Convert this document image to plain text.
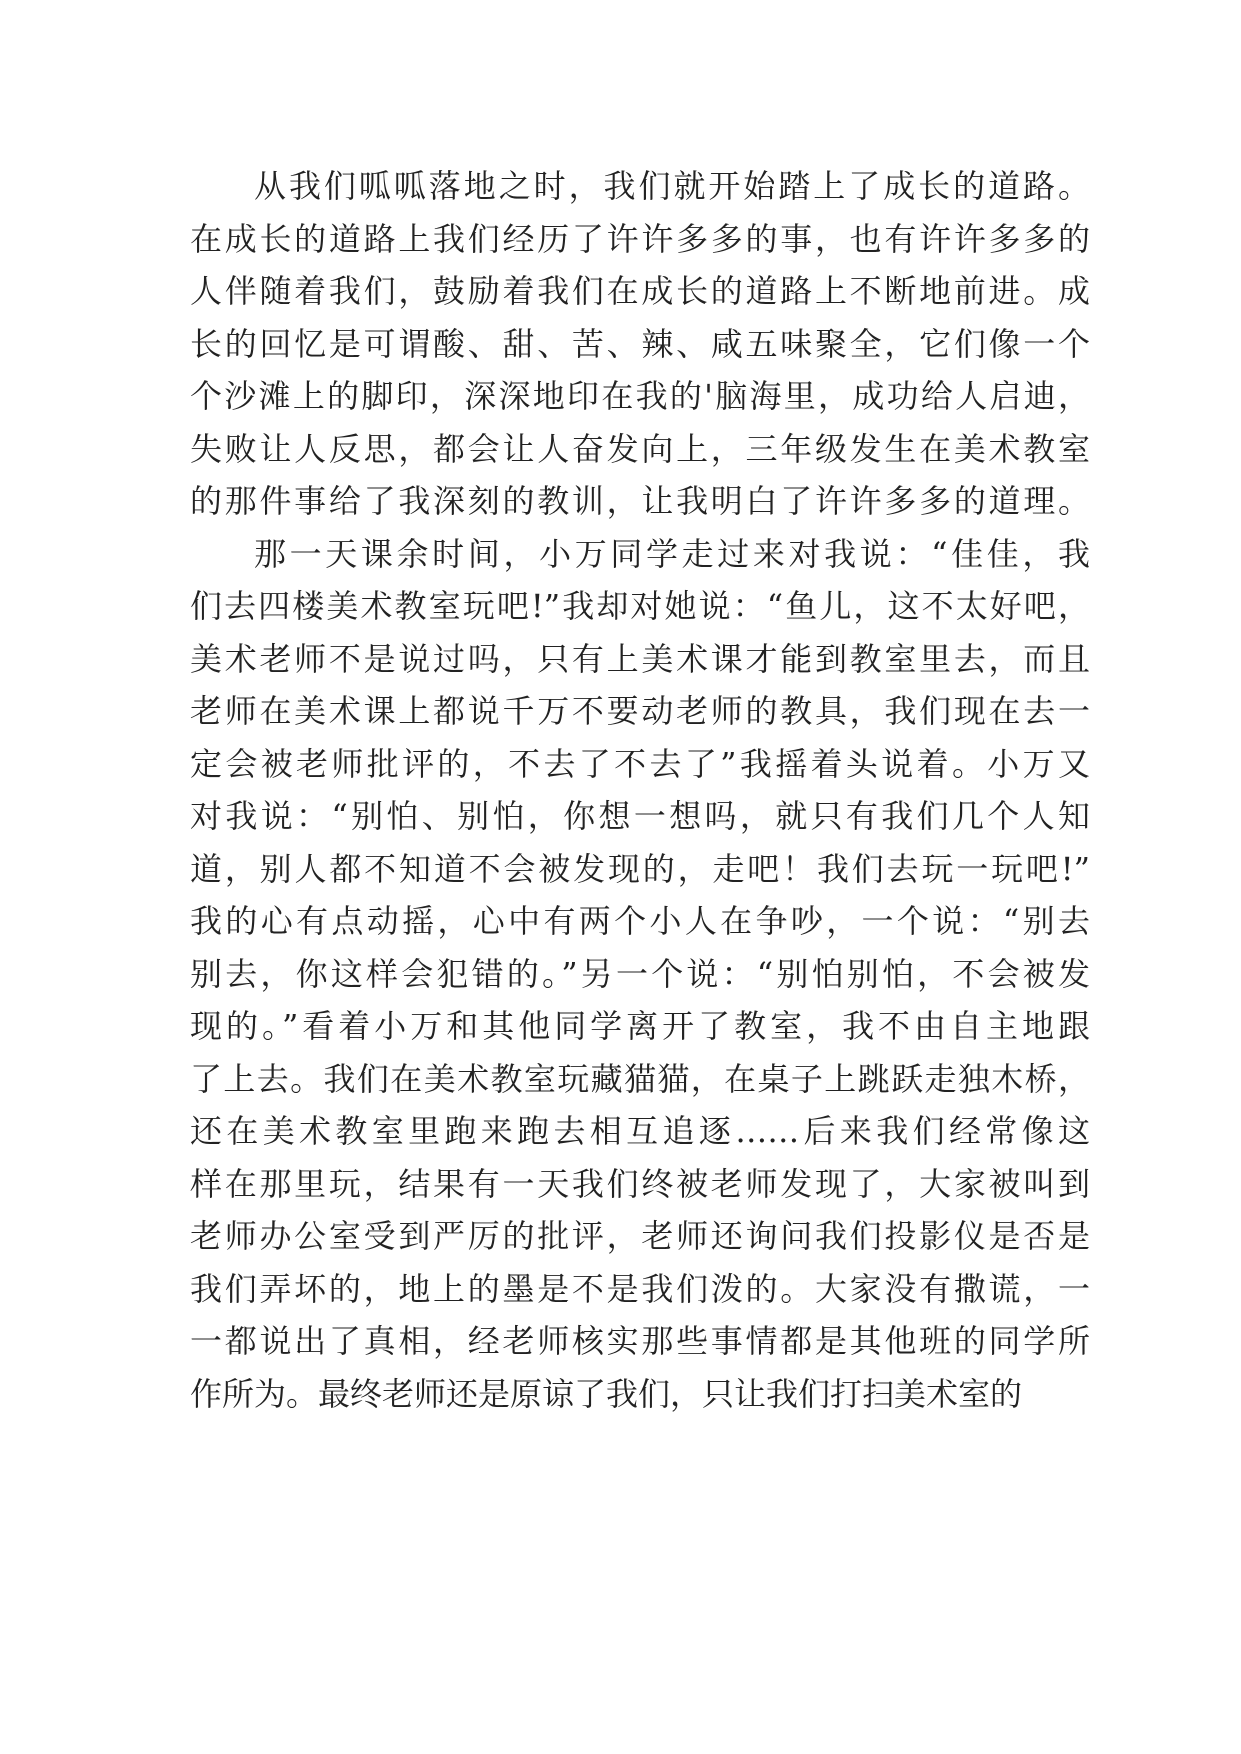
从我们呱呱落地之时，我们就开始踏上了成长的道路。
在成长的道路上我们经历了许许多多的事，也有许许多多的
人伴随着我们，鼓励着我们在成长的道路上不断地前进。成
长的回忆是可谓酸、甜、苦、辣、咸五味聚全，它们像一个
个沙滩上的脚印，深深地印在我的'脑海里，成功给人启迪，
失败让人反思，都会让人奋发向上，三年级发生在美术教室
的那件事给了我深刻的教训，让我明白了许许多多的道理。
那一天课余时间，小万同学走过来对我说：“佳佳，我
们去四楼美术教室玩吧!”我却对她说：“鱼儿，这不太好吧，
美术老师不是说过吗，只有上美术课才能到教室里去，而且
老师在美术课上都说千万不要动老师的教具，我们现在去一
定会被老师批评的，不去了不去了”我摇着头说着。小万又
对我说：“别怕、别怕，你想一想吗，就只有我们几个人知
道，别人都不知道不会被发现的，走吧！我们去玩一玩吧!”
我的心有点动摇，心中有两个小人在争吵，一个说：“别去
别去，你这样会犯错的。”另一个说：“别怕别怕，不会被发
现的。”看着小万和其他同学离开了教室，我不由自主地跟
了上去。我们在美术教室玩藏猫猫，在桌子上跳跃走独木桥，
还在美术教室里跑来跑去相互追逐……后来我们经常像这
样在那里玩，结果有一天我们终被老师发现了，大家被叫到
老师办公室受到严厉的批评，老师还询问我们投影仪是否是
我们弄坏的，地上的墨是不是我们泼的。大家没有撒谎，一
一都说出了真相，经老师核实那些事情都是其他班的同学所
作所为。最终老师还是原谅了我们，只让我们打扫美术室的
